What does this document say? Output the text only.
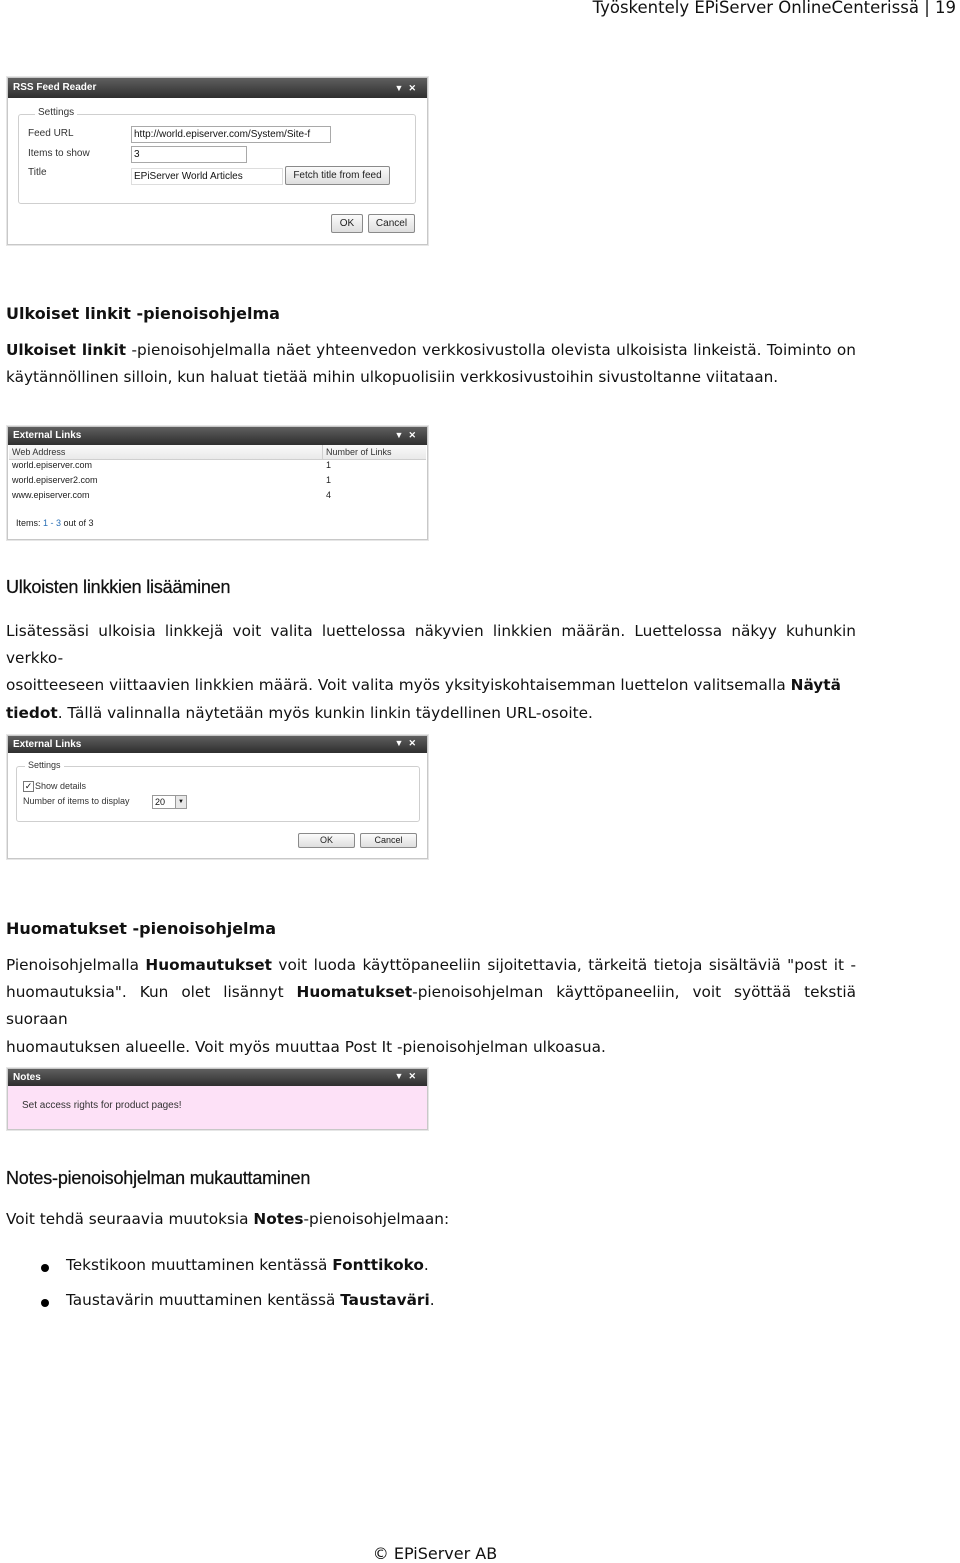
Työskentely EPiServer OnlineCenterissä | 19
RSS Feed Reader	▼✕
Settings
Feed URL	http://world.episerver.com/System/Site-f
Items to show	3
Title	EPiServer World Articles	Fetch title from feed
OK	Cancel
Ulkoiset linkit -pienoisohjelma
Ulkoiset linkit -pienoisohjelmalla näet yhteenvedon verkkosivustolla olevista ulkoisista linkeistä. Toiminto on
käytännöllinen silloin, kun haluat tietää mihin ulkopuolisiin verkkosivustoihin sivustoltanne viitataan.
External Links	▼✕
Web Address	Number of Links
world.episerver.com	1
world.episerver2.com	1
www.episerver.com	4
Items: 1 - 3 out of 3
Ulkoisten linkkien lisääminen
Lisätessäsi ulkoisia linkkejä voit valita luettelossa näkyvien linkkien määrän. Luettelossa näkyy kuhunkin verkko-
osoitteeseen viittaavien linkkien määrä. Voit valita myös yksityiskohtaisemman luettelon valitsemalla Näytä
tiedot. Tällä valinnalla näytetään myös kunkin linkin täydellinen URL-osoite.
External Links	▼✕
Settings
✓ Show details
Number of items to display	20	▼
OK	Cancel
Huomatukset -pienoisohjelma
Pienoisohjelmalla Huomautukset voit luoda käyttöpaneeliin sijoitettavia, tärkeitä tietoja sisältäviä "post it -
huomautuksia". Kun olet lisännyt Huomatukset-pienoisohjelman käyttöpaneeliin, voit syöttää tekstiä suoraan
huomautuksen alueelle. Voit myös muuttaa Post It -pienoisohjelman ulkoasua.
Notes	▼✕
Set access rights for product pages!
Notes-pienoisohjelman mukauttaminen
Voit tehdä seuraavia muutoksia Notes-pienoisohjelmaan:
Tekstikoon muuttaminen kentässä Fonttikoko.
Taustavärin muuttaminen kentässä Taustaväri.
© EPiServer AB
